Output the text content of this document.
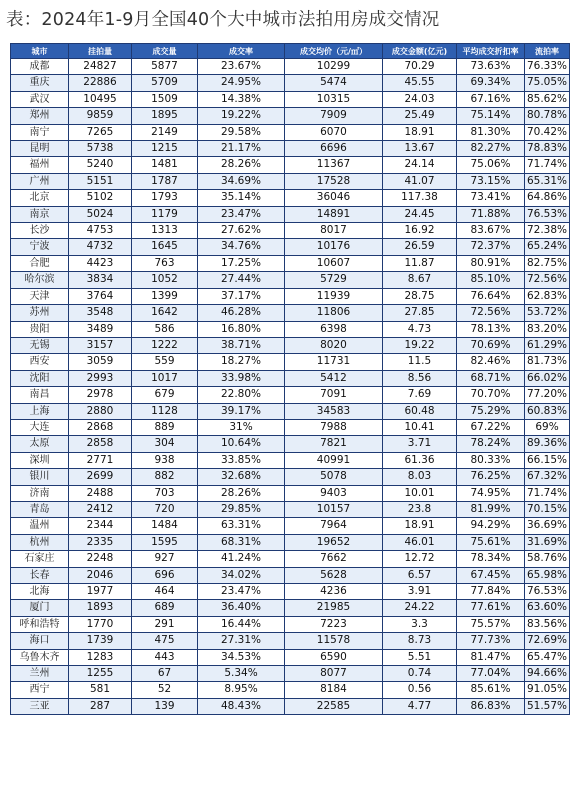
表：2024年1-9月全国40个大中城市法拍用房成交情况
城市	挂拍量	成交量	成交率	成交均价（元/㎡）	成交金额(亿元)	平均成交折扣率	流拍率
成都	24827	5877	23.67%	10299	70.29	73.63%	76.33%
重庆	22886	5709	24.95%	5474	45.55	69.34%	75.05%
武汉	10495	1509	14.38%	10315	24.03	67.16%	85.62%
郑州	9859	1895	19.22%	7909	25.49	75.14%	80.78%
南宁	7265	2149	29.58%	6070	18.91	81.30%	70.42%
昆明	5738	1215	21.17%	6696	13.67	82.27%	78.83%
福州	5240	1481	28.26%	11367	24.14	75.06%	71.74%
广州	5151	1787	34.69%	17528	41.07	73.15%	65.31%
北京	5102	1793	35.14%	36046	117.38	73.41%	64.86%
南京	5024	1179	23.47%	14891	24.45	71.88%	76.53%
长沙	4753	1313	27.62%	8017	16.92	83.67%	72.38%
宁波	4732	1645	34.76%	10176	26.59	72.37%	65.24%
合肥	4423	763	17.25%	10607	11.87	80.91%	82.75%
哈尔滨	3834	1052	27.44%	5729	8.67	85.10%	72.56%
天津	3764	1399	37.17%	11939	28.75	76.64%	62.83%
苏州	3548	1642	46.28%	11806	27.85	72.56%	53.72%
贵阳	3489	586	16.80%	6398	4.73	78.13%	83.20%
无锡	3157	1222	38.71%	8020	19.22	70.69%	61.29%
西安	3059	559	18.27%	11731	11.5	82.46%	81.73%
沈阳	2993	1017	33.98%	5412	8.56	68.71%	66.02%
南昌	2978	679	22.80%	7091	7.69	70.70%	77.20%
上海	2880	1128	39.17%	34583	60.48	75.29%	60.83%
大连	2868	889	31%	7988	10.41	67.22%	69%
太原	2858	304	10.64%	7821	3.71	78.24%	89.36%
深圳	2771	938	33.85%	40991	61.36	80.33%	66.15%
银川	2699	882	32.68%	5078	8.03	76.25%	67.32%
济南	2488	703	28.26%	9403	10.01	74.95%	71.74%
青岛	2412	720	29.85%	10157	23.8	81.99%	70.15%
温州	2344	1484	63.31%	7964	18.91	94.29%	36.69%
杭州	2335	1595	68.31%	19652	46.01	75.61%	31.69%
石家庄	2248	927	41.24%	7662	12.72	78.34%	58.76%
长春	2046	696	34.02%	5628	6.57	67.45%	65.98%
北海	1977	464	23.47%	4236	3.91	77.84%	76.53%
厦门	1893	689	36.40%	21985	24.22	77.61%	63.60%
呼和浩特	1770	291	16.44%	7223	3.3	75.57%	83.56%
海口	1739	475	27.31%	11578	8.73	77.73%	72.69%
乌鲁木齐	1283	443	34.53%	6590	5.51	81.47%	65.47%
兰州	1255	67	5.34%	8077	0.74	77.04%	94.66%
西宁	581	52	8.95%	8184	0.56	85.61%	91.05%
三亚	287	139	48.43%	22585	4.77	86.83%	51.57%
